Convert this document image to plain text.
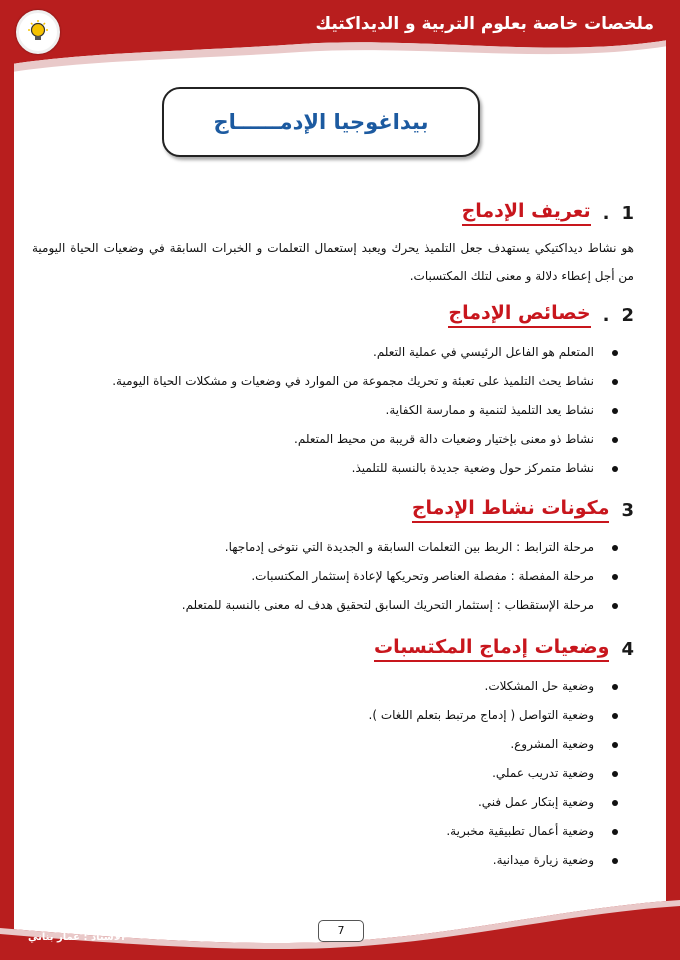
ملخصات خاصة بعلوم التربية و الديداكتيك
بيداغوجيا الإدمــــــاج
1
.
تعريف الإدماج

هو نشاط ديداكتيكي يستهدف جعل التلميذ يحرك ويعبد إستعمال التعلمات و الخبرات السابقة في وضعيات الحياة اليومية من أجل إعطاء دلالة و معنى لتلك المكتسبات.

2
.
خصائص الإدماج
المتعلم هو الفاعل الرئيسي في عملية التعلم.
نشاط يحث التلميذ على تعبئة و تحريك مجموعة من الموارد في وضعيات و مشكلات الحياة اليومية.
نشاط يعد التلميذ لتنمية و ممارسة الكفاية.
نشاط ذو معنى بإختيار وضعيات دالة قريبة من محيط المتعلم.
نشاط متمركز حول وضعية جديدة بالنسبة للتلميذ.
3
مكونات نشاط الإدماج
مرحلة الترابط : الربط بين التعلمات السابقة و الجديدة التي نتوخى إدماجها.
مرحلة المفصلة : مفصلة العناصر وتحريكها لإعادة إستثمار المكتسبات.
مرحلة الإستقطاب : إستثمار التحريك السابق لتحقيق هدف له معنى بالنسبة للمتعلم.
4
وضعيات إدماج المكتسبات
وضعية حل المشكلات.
وضعية التواصل ( إدماج مرتبط بتعلم اللغات ).
وضعية المشروع.
وضعية تدريب عملي.
وضعية إبتكار عمل فني.
وضعية أعمال تطبيقية مخبرية.
وضعية زيارة ميدانية.
7
الأستاذ : عمار بناني
